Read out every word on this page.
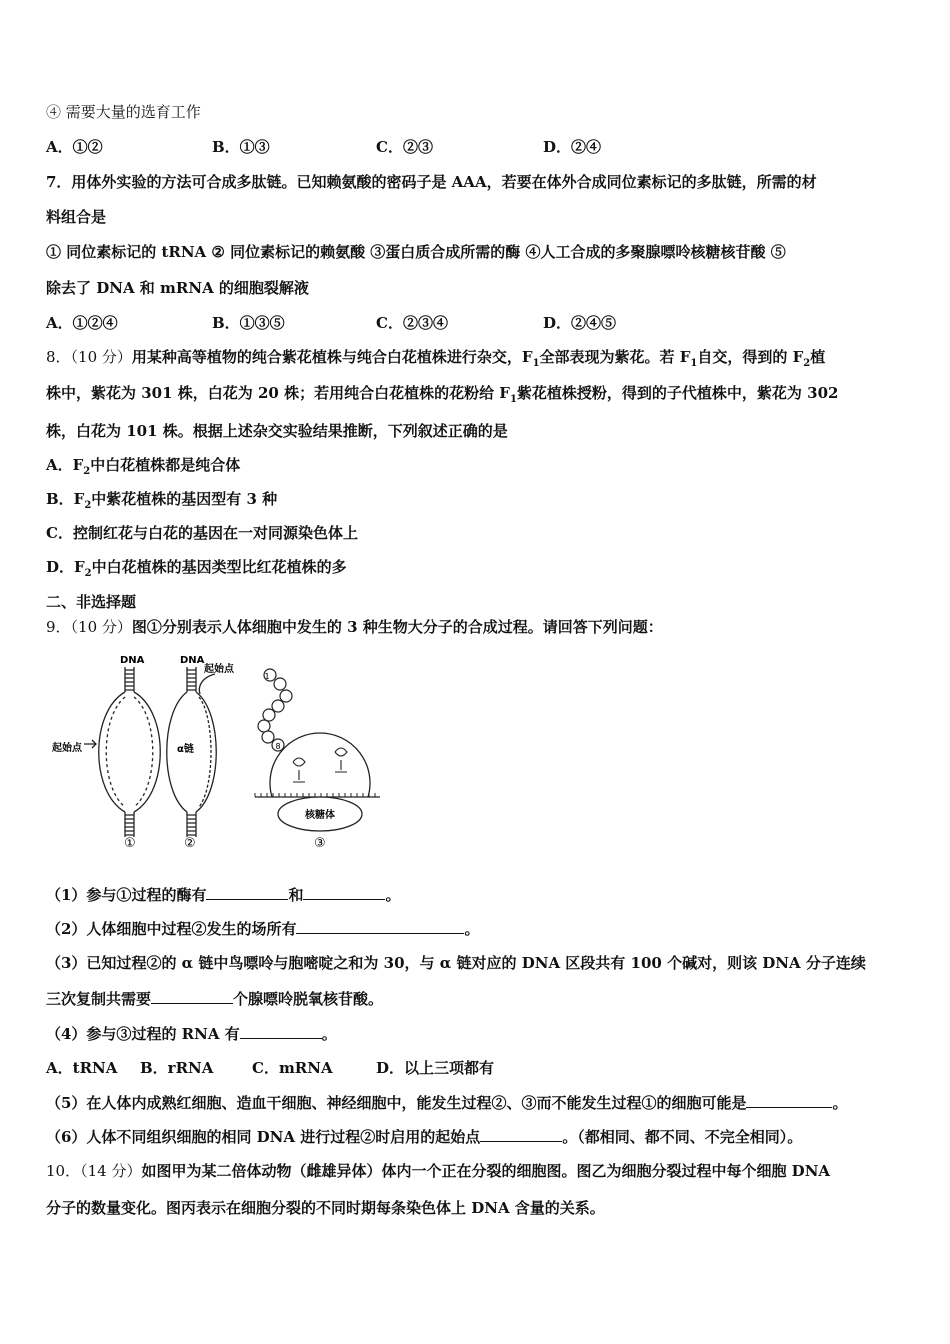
④ 需要大量的选育工作
A．①②	B．①③	C．②③	D．②④
7．用体外实验的方法可合成多肽链。已知赖氨酸的密码子是 AAA，若要在体外合成同位素标记的多肽链，所需的材
料组合是
① 同位素标记的 tRNA ② 同位素标记的赖氨酸 ③蛋白质合成所需的酶 ④人工合成的多聚腺嘌呤核糖核苷酸 ⑤
除去了 DNA 和 mRNA 的细胞裂解液
A．①②④	B．①③⑤	C．②③④	D．②④⑤
8．（10 分）用某种高等植物的纯合紫花植株与纯合白花植株进行杂交，$F_1$全部表现为紫花。若 $F_1$自交，得到的 $F_2$植
株中，紫花为 301 株，白花为 20 株；若用纯合白花植株的花粉给 $F_1$紫花植株授粉，得到的子代植株中，紫花为 302
株，白花为 101 株。根据上述杂交实验结果推断，下列叙述正确的是
A．$F_2$中白花植株都是纯合体
B．$F_2$中紫花植株的基因型有 3 种
C．控制红花与白花的基因在一对同源染色体上
D．$F_2$中白花植株的基因类型比红花植株的多
二、非选择题
9．（10 分）图①分别表示人体细胞中发生的 3 种生物大分子的合成过程。请回答下列问题：
DNA
起始点
①
DNA
起始点
α链
②
1
8
核糖体
③
（1）参与①过程的酶有	和	。
（2）人体细胞中过程②发生的场所有	。
（3）已知过程②的 α 链中鸟嘌呤与胞嘧啶之和为 30，与 α 链对应的 DNA 区段共有 100 个碱对，则该 DNA 分子连续
三次复制共需要	个腺嘌呤脱氧核苷酸。
（4）参与③过程的 RNA 有	。
A．tRNA B．rRNA	C．mRNA	D．以上三项都有
（5）在人体内成熟红细胞、造血干细胞、神经细胞中，能发生过程②、③而不能发生过程①的细胞可能是	。
（6）人体不同组织细胞的相同 DNA 进行过程②时启用的起始点	。（都相同、都不同、不完全相同）。
10．（14 分）如图甲为某二倍体动物（雌雄异体）体内一个正在分裂的细胞图。图乙为细胞分裂过程中每个细胞 DNA
分子的数量变化。图丙表示在细胞分裂的不同时期每条染色体上 DNA 含量的关系。
